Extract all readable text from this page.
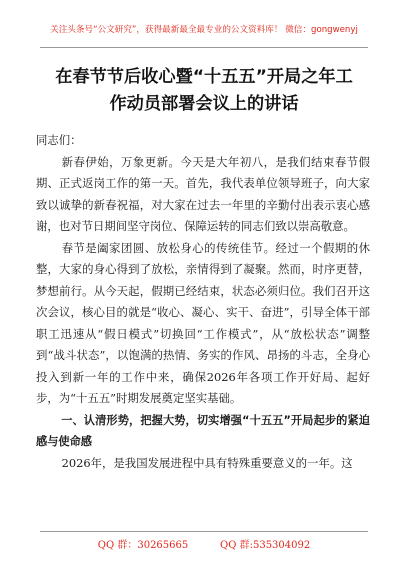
关注头条号“公文研究”，获得最新最全最专业的公文资料库！ 微信：gongwenyj
在春节节后收心暨“十五五”开局之年工
作动员部署会议上的讲话

同志们：

新春伊始，万象更新。今天是大年初八，是我们结束春节假期、正式返岗工作的第一天。首先，我代表单位领导班子，向大家致以诚挚的新春祝福，对大家在过去一年里的辛勤付出表示衷心感谢，也对节日期间坚守岗位、保障运转的同志们致以崇高敬意。

春节是阖家团圆、放松身心的传统佳节。经过一个假期的休整，大家的身心得到了放松，亲情得到了凝聚。然而，时序更替，梦想前行。从今天起，假期已经结束，状态必须归位。我们召开这次会议，核心目的就是“收心、凝心、实干、奋进”，引导全体干部职工迅速从“假日模式”切换回“工作模式”，从“放松状态”调整到“战斗状态”，以饱满的热情、务实的作风、昂扬的斗志，全身心投入到新一年的工作中来，确保2026年各项工作开好局、起好步，为“十五五”时期发展奠定坚实基础。

一、认清形势，把握大势，切实增强“十五五”开局起步的紧迫感与使命感

2026年，是我国发展进程中具有特殊重要意义的一年。这

QQ 群：30265665          QQ 群:535304092
